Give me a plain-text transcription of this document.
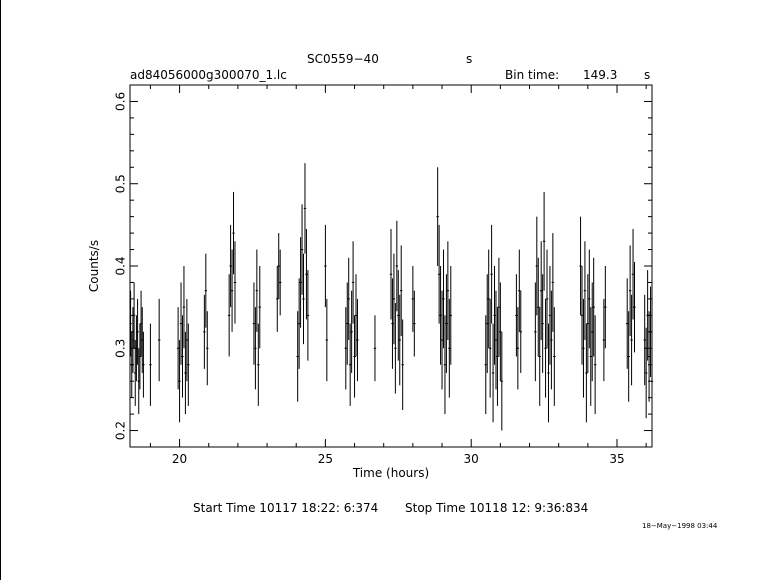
SC0559−40	s
ad84056000g300070_1.lc	Bin time: 149.3 s
20	25	30	35
0.2
0.3
0.4
0.5
0.6
Time (hours)
Counts/s
Start Time 10117 18:22: 6:374 Stop Time 10118 12: 9:36:834
18−May−1998 03:44
